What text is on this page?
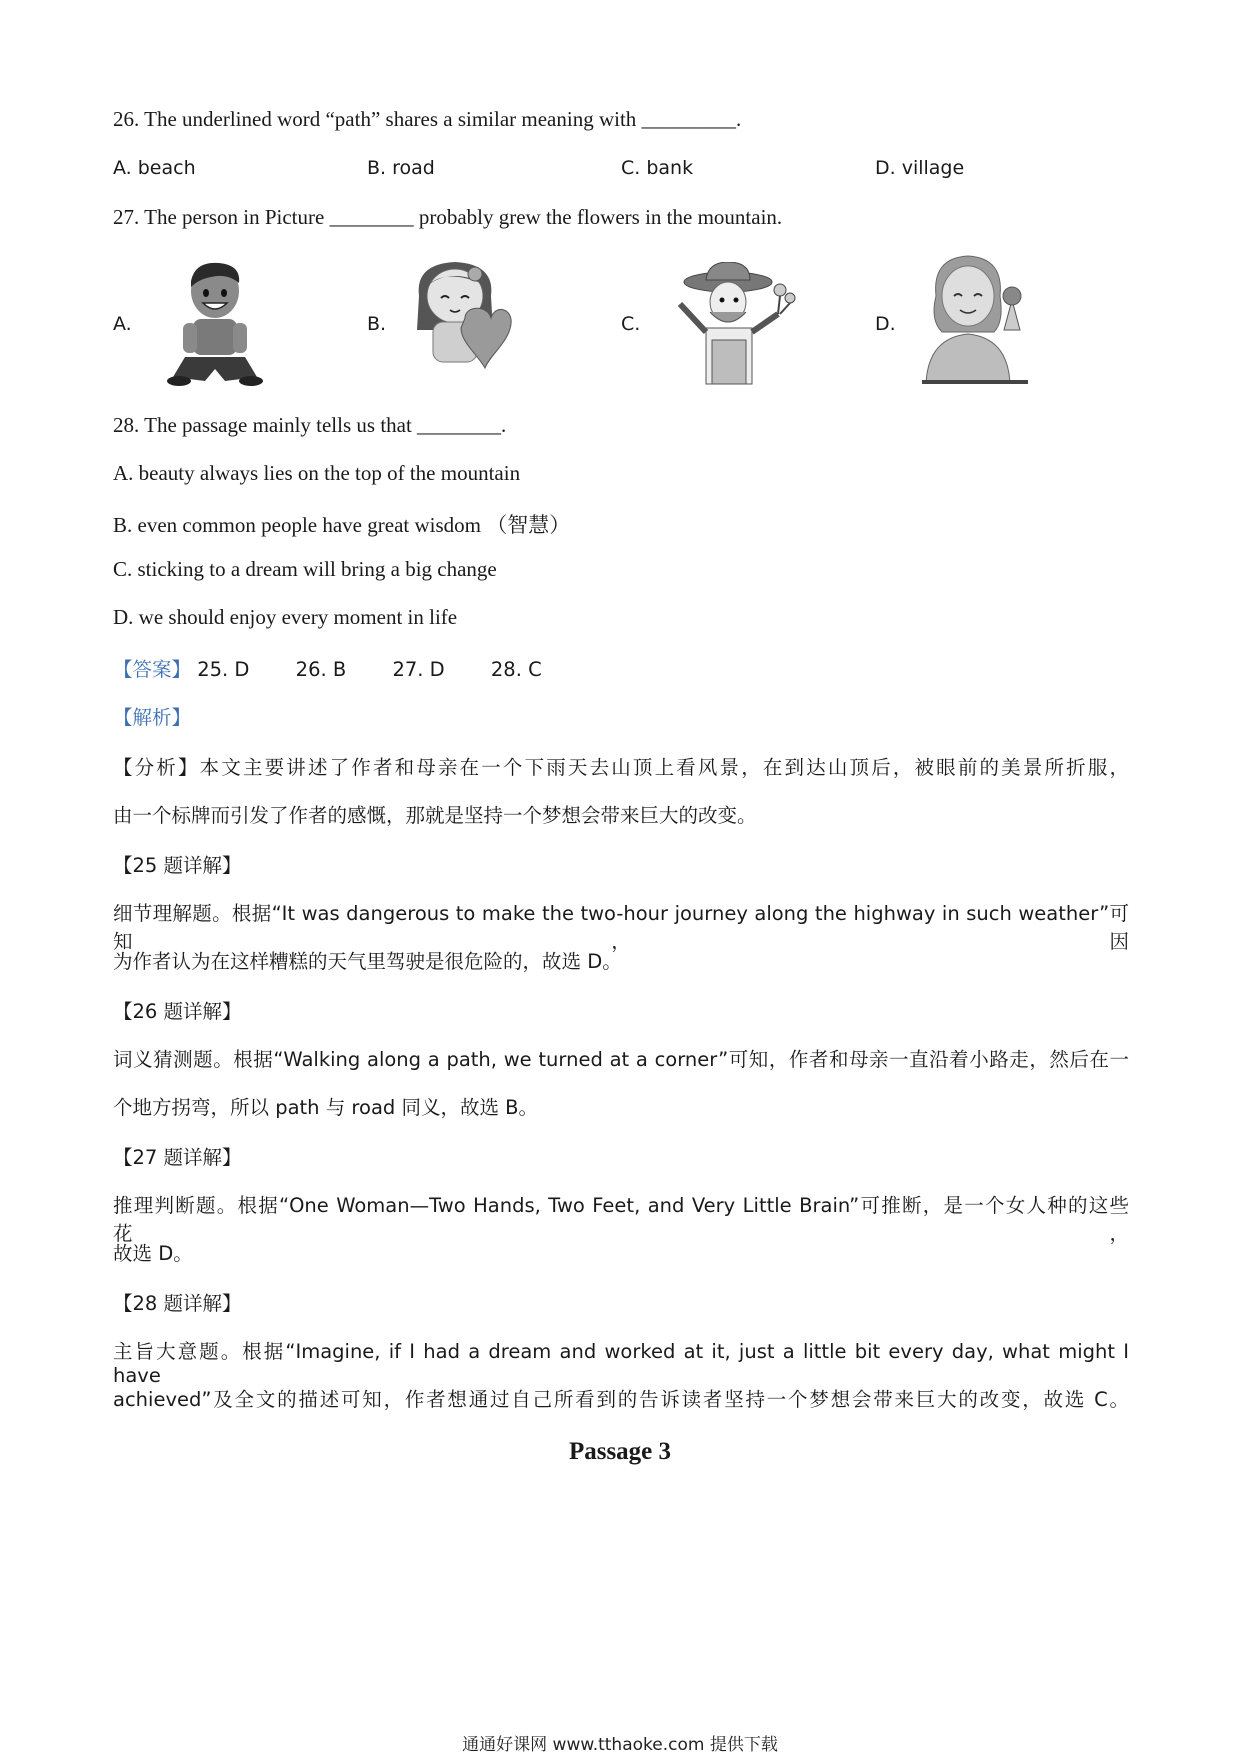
26. The underlined word “path” shares a similar meaning with _________.
A. beach	B. road	C. bank	D. village
27. The person in Picture ________ probably grew the flowers in the mountain.
A.	B.	C.	D.
28. The passage mainly tells us that ________.
A. beauty always lies on the top of the mountain
B. even common people have great wisdom （智慧）
C. sticking to a dream will bring a big change
D. we should enjoy every moment in life
【答案】 25. D 26. B 27. D 28. C
【解析】
【分析】本文主要讲述了作者和母亲在一个下雨天去山顶上看风景，在到达山顶后，被眼前的美景所折服，
由一个标牌而引发了作者的感慨，那就是坚持一个梦想会带来巨大的改变。
【25 题详解】
细节理解题。根据“It was dangerous to make the two-hour journey along the highway in such weather”可知，因
为作者认为在这样糟糕的天气里驾驶是很危险的，故选 D。
【26 题详解】
词义猜测题。根据“Walking along a path, we turned at a corner”可知，作者和母亲一直沿着小路走，然后在一
个地方拐弯，所以 path 与 road 同义，故选 B。
【27 题详解】
推理判断题。根据“One Woman—Two Hands, Two Feet, and Very Little Brain”可推断，是一个女人种的这些花，
故选 D。
【28 题详解】
主旨大意题。根据“Imagine, if I had a dream and worked at it, just a little bit every day, what might I have
achieved”及全文的描述可知，作者想通过自己所看到的告诉读者坚持一个梦想会带来巨大的改变，故选 C。
Passage 3
通通好课网 www.tthaoke.com 提供下载
